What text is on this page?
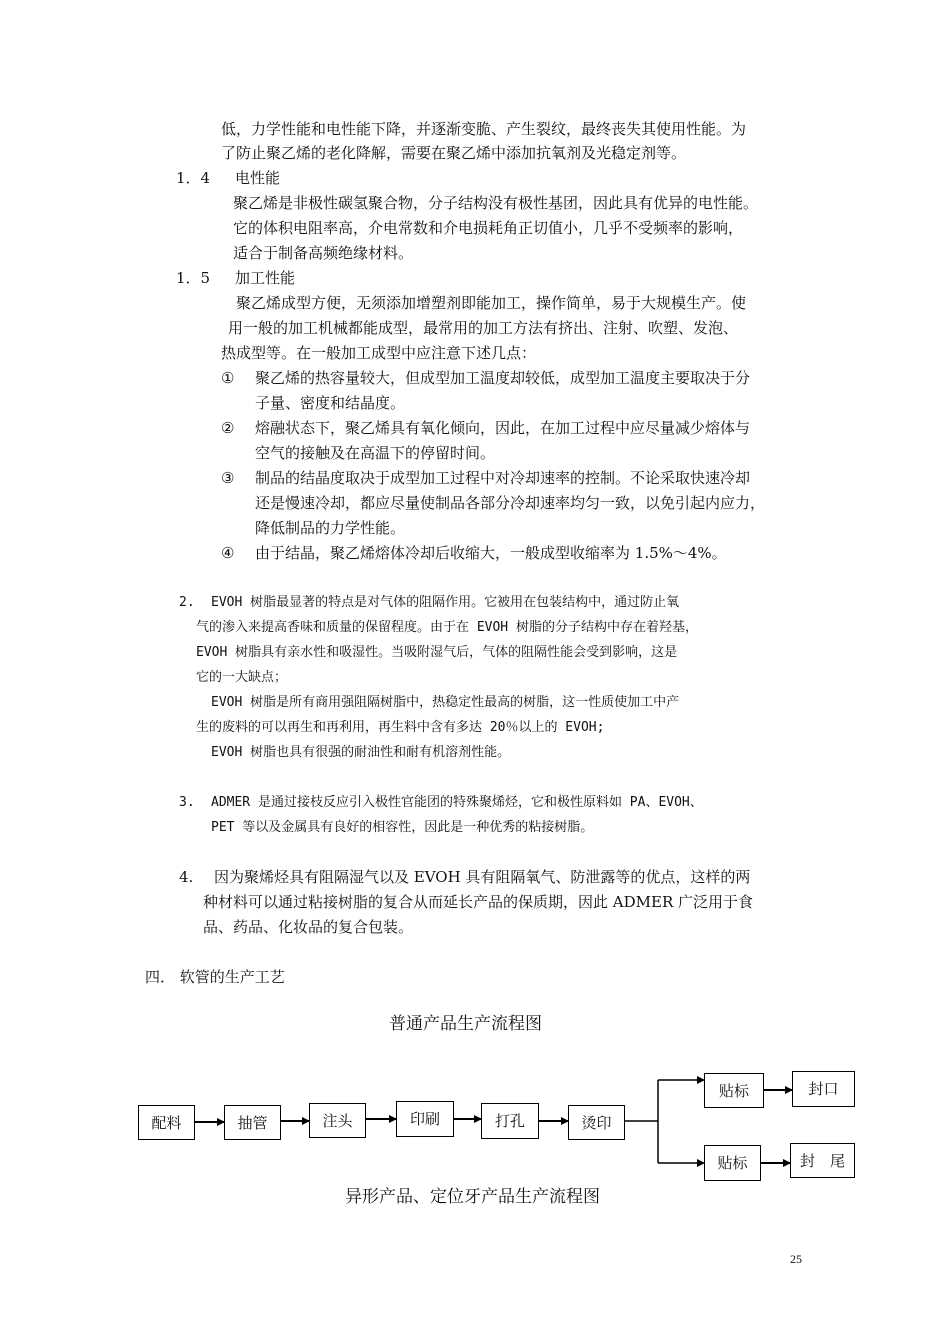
低，力学性能和电性能下降，并逐渐变脆、产生裂纹，最终丧失其使用性能。为
了防止聚乙烯的老化降解，需要在聚乙烯中添加抗氧剂及光稳定剂等。
1．4 电性能
聚乙烯是非极性碳氢聚合物，分子结构没有极性基团，因此具有优异的电性能。
它的体积电阻率高，介电常数和介电损耗角正切值小，几乎不受频率的影响，
适合于制备高频绝缘材料。
1．5 加工性能
聚乙烯成型方便，无须添加增塑剂即能加工，操作简单，易于大规模生产。使
用一般的加工机械都能成型，最常用的加工方法有挤出、注射、吹塑、发泡、
热成型等。在一般加工成型中应注意下述几点：
① 聚乙烯的热容量较大，但成型加工温度却较低，成型加工温度主要取决于分
子量、密度和结晶度。
② 熔融状态下，聚乙烯具有氧化倾向，因此，在加工过程中应尽量减少熔体与
空气的接触及在高温下的停留时间。
③ 制品的结晶度取决于成型加工过程中对冷却速率的控制。不论采取快速冷却
还是慢速冷却，都应尽量使制品各部分冷却速率均匀一致，以免引起内应力，
降低制品的力学性能。
④ 由于结晶，聚乙烯熔体冷却后收缩大，一般成型收缩率为 1.5%～4%。
2. EVOH 树脂最显著的特点是对气体的阻隔作用。它被用在包装结构中，通过防止氧
气的渗入来提高香味和质量的保留程度。由于在 EVOH 树脂的分子结构中存在着羟基，
EVOH 树脂具有亲水性和吸湿性。当吸附湿气后，气体的阻隔性能会受到影响，这是
它的一大缺点；
EVOH 树脂是所有商用强阻隔树脂中，热稳定性最高的树脂，这一性质使加工中产
生的废料的可以再生和再利用，再生料中含有多达 20％以上的 EVOH;
EVOH 树脂也具有很强的耐油性和耐有机溶剂性能。
3. ADMER 是通过接枝反应引入极性官能团的特殊聚烯烃，它和极性原料如 PA、EVOH、
PET 等以及金属具有良好的相容性，因此是一种优秀的粘接树脂。
4. 因为聚烯烃具有阻隔湿气以及 EVOH 具有阻隔氧气、防泄露等的优点，这样的两
种材料可以通过粘接树脂的复合从而延长产品的保质期，因此 ADMER 广泛用于食
品、药品、化妆品的复合包装。
四． 软管的生产工艺
普通产品生产流程图
配料	抽管	注头	印刷	打孔	烫印
贴标	封口
贴标	封　尾
异形产品、定位牙产品生产流程图
25
